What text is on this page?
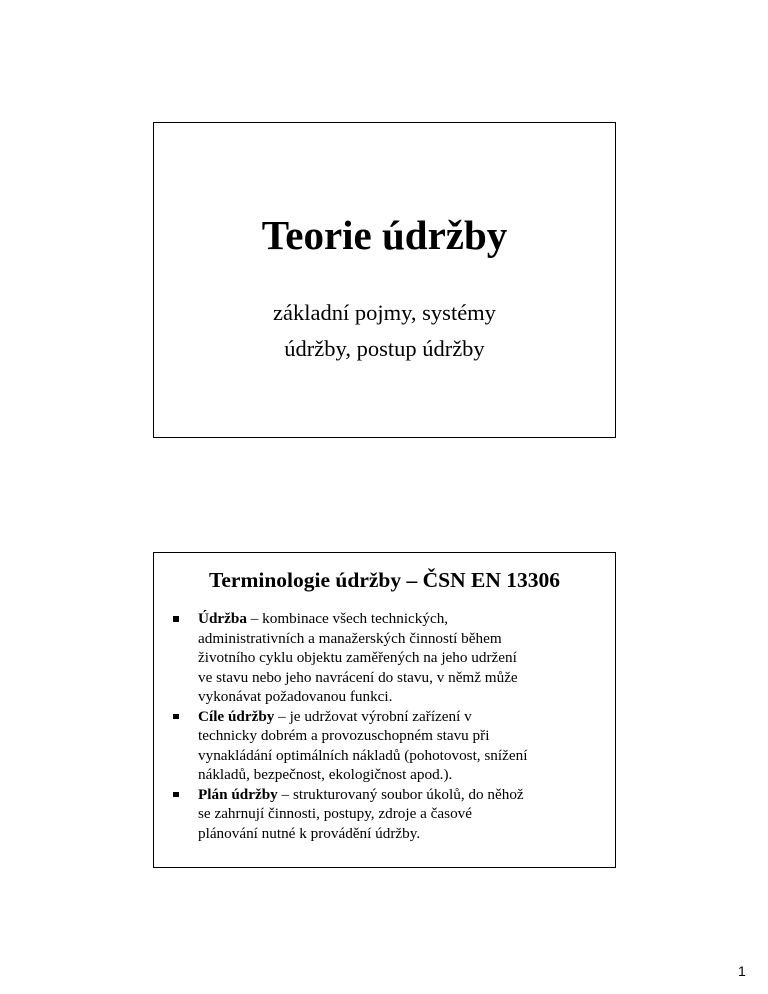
Teorie údržby
základní pojmy, systémy
údržby, postup údržby
Terminologie údržby – ČSN EN 13306
Údržba – kombinace všech technických,
administrativních a manažerských činností během
životního cyklu objektu zaměřených na jeho udržení
ve stavu nebo jeho navrácení do stavu, v němž může
vykonávat požadovanou funkci.
Cíle údržby – je udržovat výrobní zařízení v
technicky dobrém a provozuschopném stavu při
vynakládání optimálních nákladů (pohotovost, snížení
nákladů, bezpečnost, ekologičnost apod.).
Plán údržby – strukturovaný soubor úkolů, do něhož
se zahrnují činnosti, postupy, zdroje a časové
plánování nutné k provádění údržby.
1
